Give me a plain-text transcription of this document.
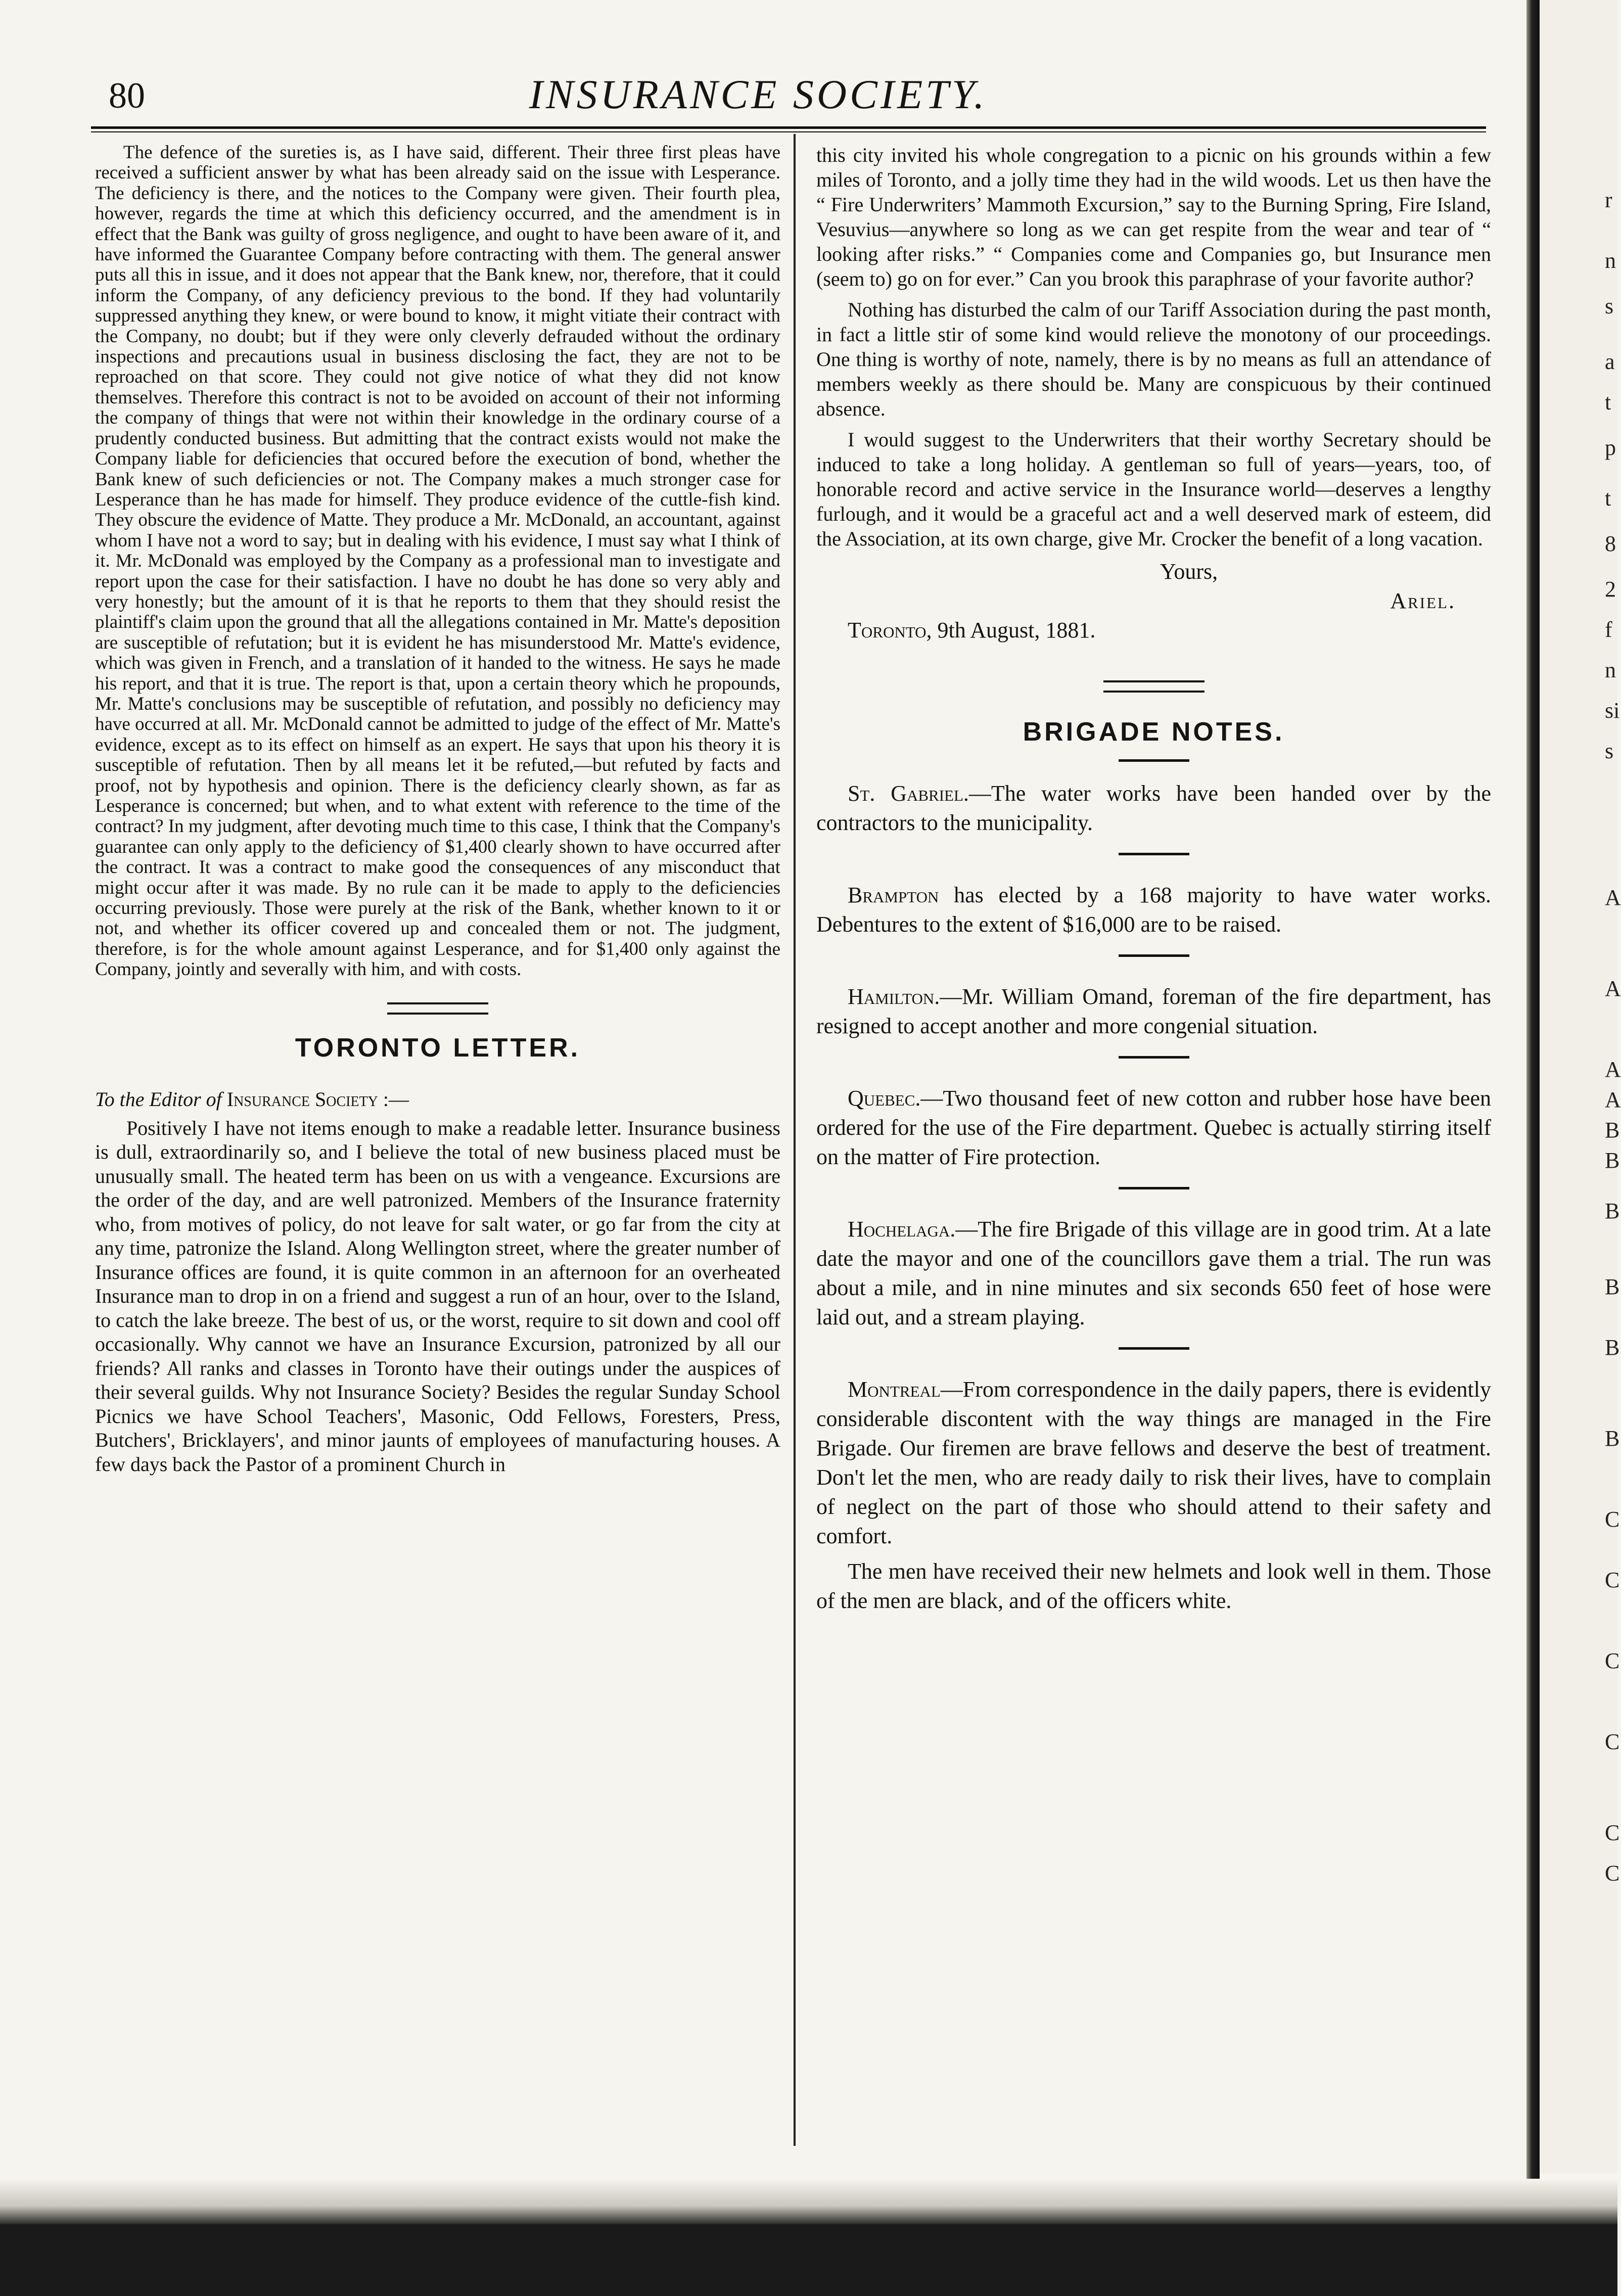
80	INSURANCE SOCIETY.

The defence of the sureties is, as I have said, different. Their three first pleas have received a sufficient answer by what has been already said on the issue with Lesperance. The deficiency is there, and the notices to the Company were given. Their fourth plea, however, regards the time at which this deficiency occurred, and the amendment is in effect that the Bank was guilty of gross negligence, and ought to have been aware of it, and have informed the Guarantee Company before contracting with them. The general answer puts all this in issue, and it does not appear that the Bank knew, nor, therefore, that it could inform the Company, of any deficiency previous to the bond. If they had voluntarily suppressed anything they knew, or were bound to know, it might vitiate their contract with the Company, no doubt; but if they were only cleverly defrauded without the ordinary inspections and precautions usual in business disclosing the fact, they are not to be reproached on that score. They could not give notice of what they did not know themselves. Therefore this contract is not to be avoided on account of their not informing the company of things that were not within their knowledge in the ordinary course of a prudently conducted business. But admitting that the contract exists would not make the Company liable for deficiencies that occured before the execution of bond, whether the Bank knew of such deficiencies or not. The Company makes a much stronger case for Lesperance than he has made for himself. They produce evidence of the cuttle-fish kind. They obscure the evidence of Matte. They produce a Mr. McDonald, an accountant, against whom I have not a word to say; but in dealing with his evidence, I must say what I think of it. Mr. McDonald was employed by the Company as a professional man to investigate and report upon the case for their satisfaction. I have no doubt he has done so very ably and very honestly; but the amount of it is that he reports to them that they should resist the plaintiff's claim upon the ground that all the allegations contained in Mr. Matte's deposition are susceptible of refutation; but it is evident he has misunderstood Mr. Matte's evidence, which was given in French, and a translation of it handed to the witness. He says he made his report, and that it is true. The report is that, upon a certain theory which he propounds, Mr. Matte's conclusions may be susceptible of refutation, and possibly no deficiency may have occurred at all. Mr. McDonald cannot be admitted to judge of the effect of Mr. Matte's evidence, except as to its effect on himself as an expert. He says that upon his theory it is susceptible of refutation. Then by all means let it be refuted,—but refuted by facts and proof, not by hypothesis and opinion. There is the deficiency clearly shown, as far as Lesperance is concerned; but when, and to what extent with reference to the time of the contract? In my judgment, after devoting much time to this case, I think that the Company's guarantee can only apply to the deficiency of $1,400 clearly shown to have occurred after the contract. It was a contract to make good the consequences of any misconduct that might occur after it was made. By no rule can it be made to apply to the deficiencies occurring previously. Those were purely at the risk of the Bank, whether known to it or not, and whether its officer covered up and concealed them or not. The judgment, therefore, is for the whole amount against Lesperance, and for $1,400 only against the Company, jointly and severally with him, and with costs.

TORONTO LETTER.
To the Editor of Insurance Society :—

Positively I have not items enough to make a readable letter. Insurance business is dull, extraordinarily so, and I believe the total of new business placed must be unusually small. The heated term has been on us with a vengeance. Excursions are the order of the day, and are well patronized. Members of the Insurance fraternity who, from motives of policy, do not leave for salt water, or go far from the city at any time, patronize the Island. Along Wellington street, where the greater number of Insurance offices are found, it is quite common in an afternoon for an overheated Insurance man to drop in on a friend and suggest a run of an hour, over to the Island, to catch the lake breeze. The best of us, or the worst, require to sit down and cool off occasionally. Why cannot we have an Insurance Excursion, patronized by all our friends? All ranks and classes in Toronto have their outings under the auspices of their several guilds. Why not Insurance Society? Besides the regular Sunday School Picnics we have School Teachers', Masonic, Odd Fellows, Foresters, Press, Butchers', Bricklayers', and minor jaunts of employees of manufacturing houses. A few days back the Pastor of a prominent Church in

this city invited his whole congregation to a picnic on his grounds within a few miles of Toronto, and a jolly time they had in the wild woods. Let us then have the “ Fire Underwriters’ Mammoth Excursion,” say to the Burning Spring, Fire Island, Vesuvius—anywhere so long as we can get respite from the wear and tear of “ looking after risks.” “ Companies come and Companies go, but Insurance men (seem to) go on for ever.” Can you brook this paraphrase of your favorite author?

Nothing has disturbed the calm of our Tariff Association during the past month, in fact a little stir of some kind would relieve the monotony of our proceedings. One thing is worthy of note, namely, there is by no means as full an attendance of members weekly as there should be. Many are conspicuous by their continued absence.

I would suggest to the Underwriters that their worthy Secretary should be induced to take a long holiday. A gentleman so full of years—years, too, of honorable record and active service in the Insurance world—deserves a lengthy furlough, and it would be a graceful act and a well deserved mark of esteem, did the Association, at its own charge, give Mr. Crocker the benefit of a long vacation.

Yours,
Ariel.
Toronto, 9th August, 1881.
BRIGADE NOTES.

St. Gabriel.—The water works have been handed over by the contractors to the municipality.

Brampton has elected by a 168 majority to have water works. Debentures to the extent of $16,000 are to be raised.

Hamilton.—Mr. William Omand, foreman of the fire department, has resigned to accept another and more congenial situation.

Quebec.—Two thousand feet of new cotton and rubber hose have been ordered for the use of the Fire department. Quebec is actually stirring itself on the matter of Fire protection.

Hochelaga.—The fire Brigade of this village are in good trim. At a late date the mayor and one of the councillors gave them a trial. The run was about a mile, and in nine minutes and six seconds 650 feet of hose were laid out, and a stream playing.

Montreal—From correspondence in the daily papers, there is evidently considerable discontent with the way things are managed in the Fire Brigade. Our firemen are brave fellows and deserve the best of treatment. Don't let the men, who are ready daily to risk their lives, have to complain of neglect on the part of those who should attend to their safety and comfort.

The men have received their new helmets and look well in them. Those of the men are black, and of the officers white.

r
n
s
a
t
p
t
8
2
f
n
si
s
A
A
A
A
B
B
B
B
B
B
C
C
C
C
C
C
